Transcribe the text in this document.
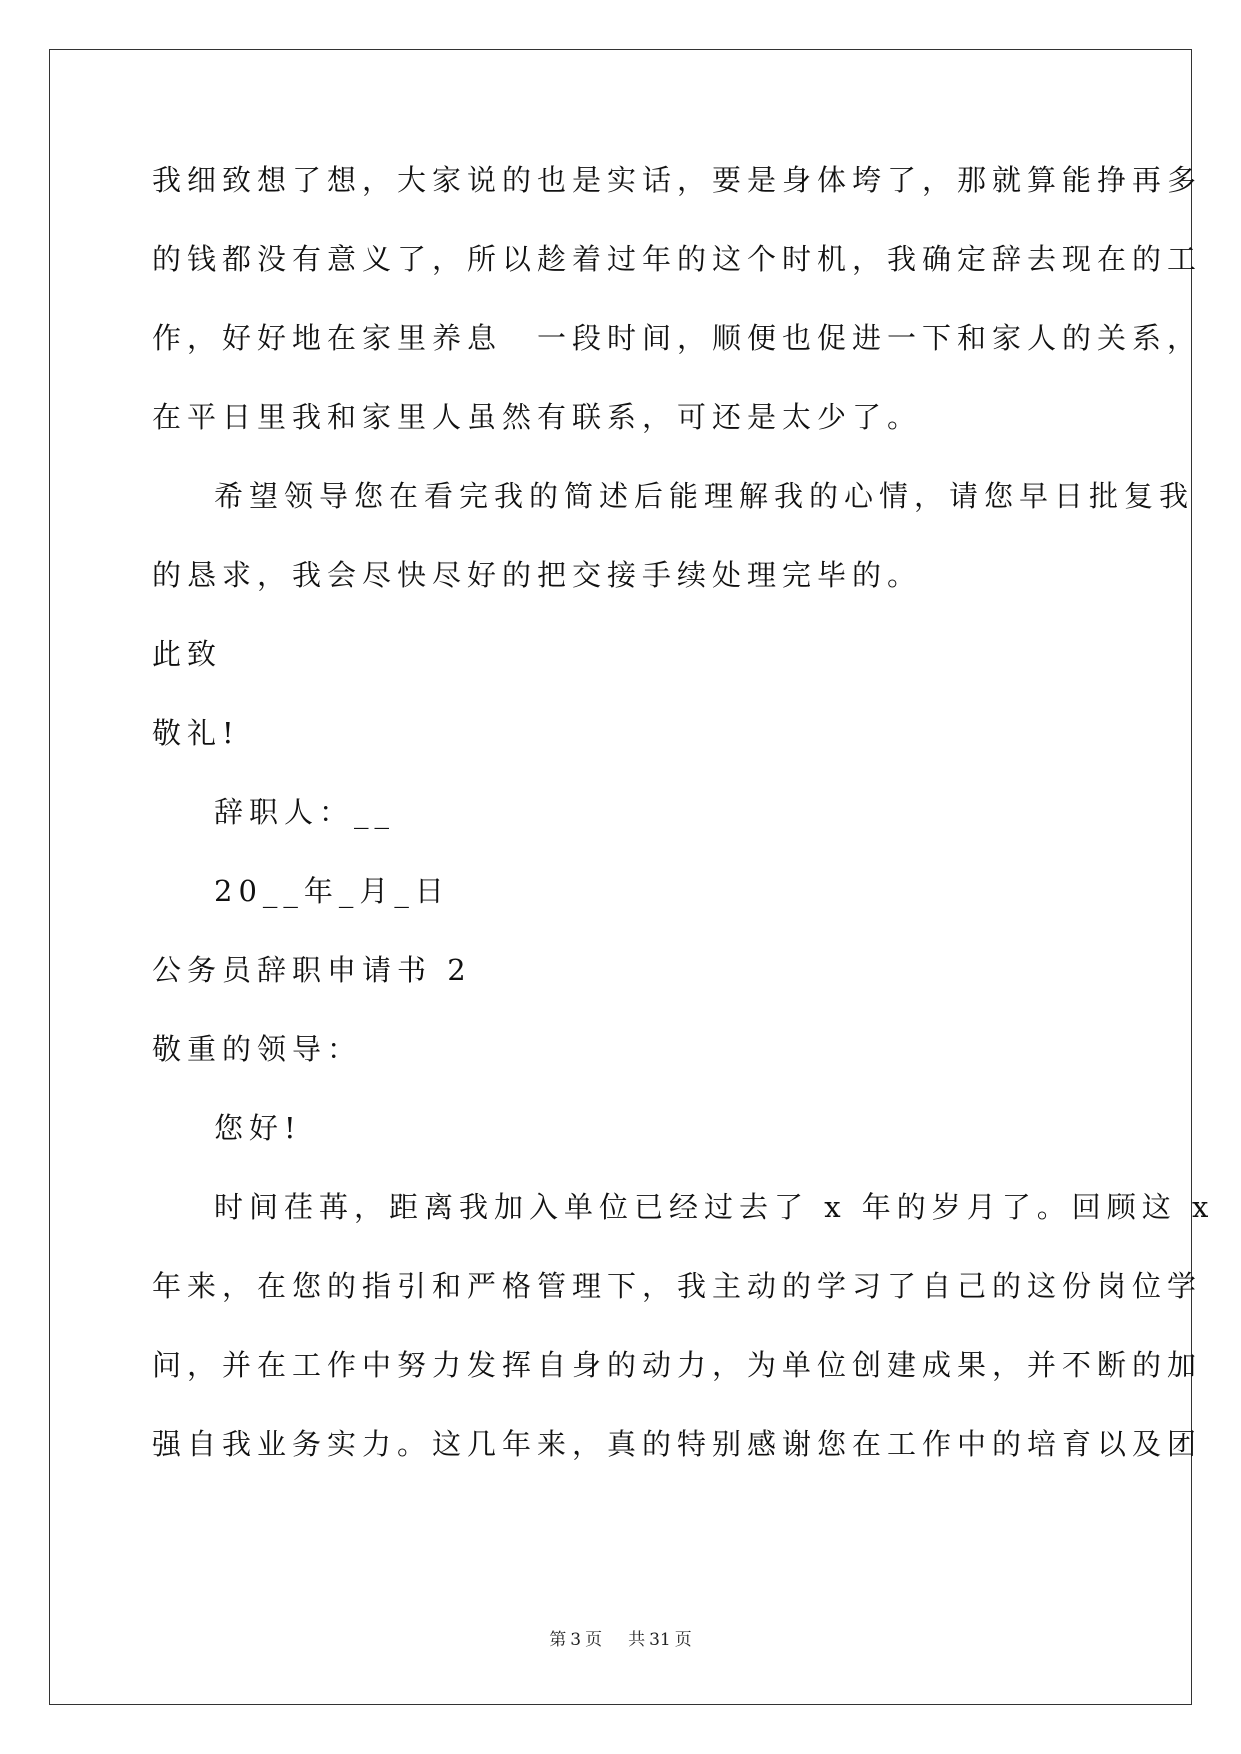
我细致想了想，大家说的也是实话，要是身体垮了，那就算能挣再多
的钱都没有意义了，所以趁着过年的这个时机，我确定辞去现在的工
作，好好地在家里养息　一段时间，顺便也促进一下和家人的关系，
在平日里我和家里人虽然有联系，可还是太少了。
希望领导您在看完我的简述后能理解我的心情，请您早日批复我
的恳求，我会尽快尽好的把交接手续处理完毕的。
此致
敬礼!
辞职人：__
20__年_月_日
公务员辞职申请书 2
敬重的领导：
您好!
时间荏苒，距离我加入单位已经过去了 x 年的岁月了。回顾这 x
年来，在您的指引和严格管理下，我主动的学习了自己的这份岗位学
问，并在工作中努力发挥自身的动力，为单位创建成果，并不断的加
强自我业务实力。这几年来，真的特别感谢您在工作中的培育以及团
第 3 页 共 31 页
